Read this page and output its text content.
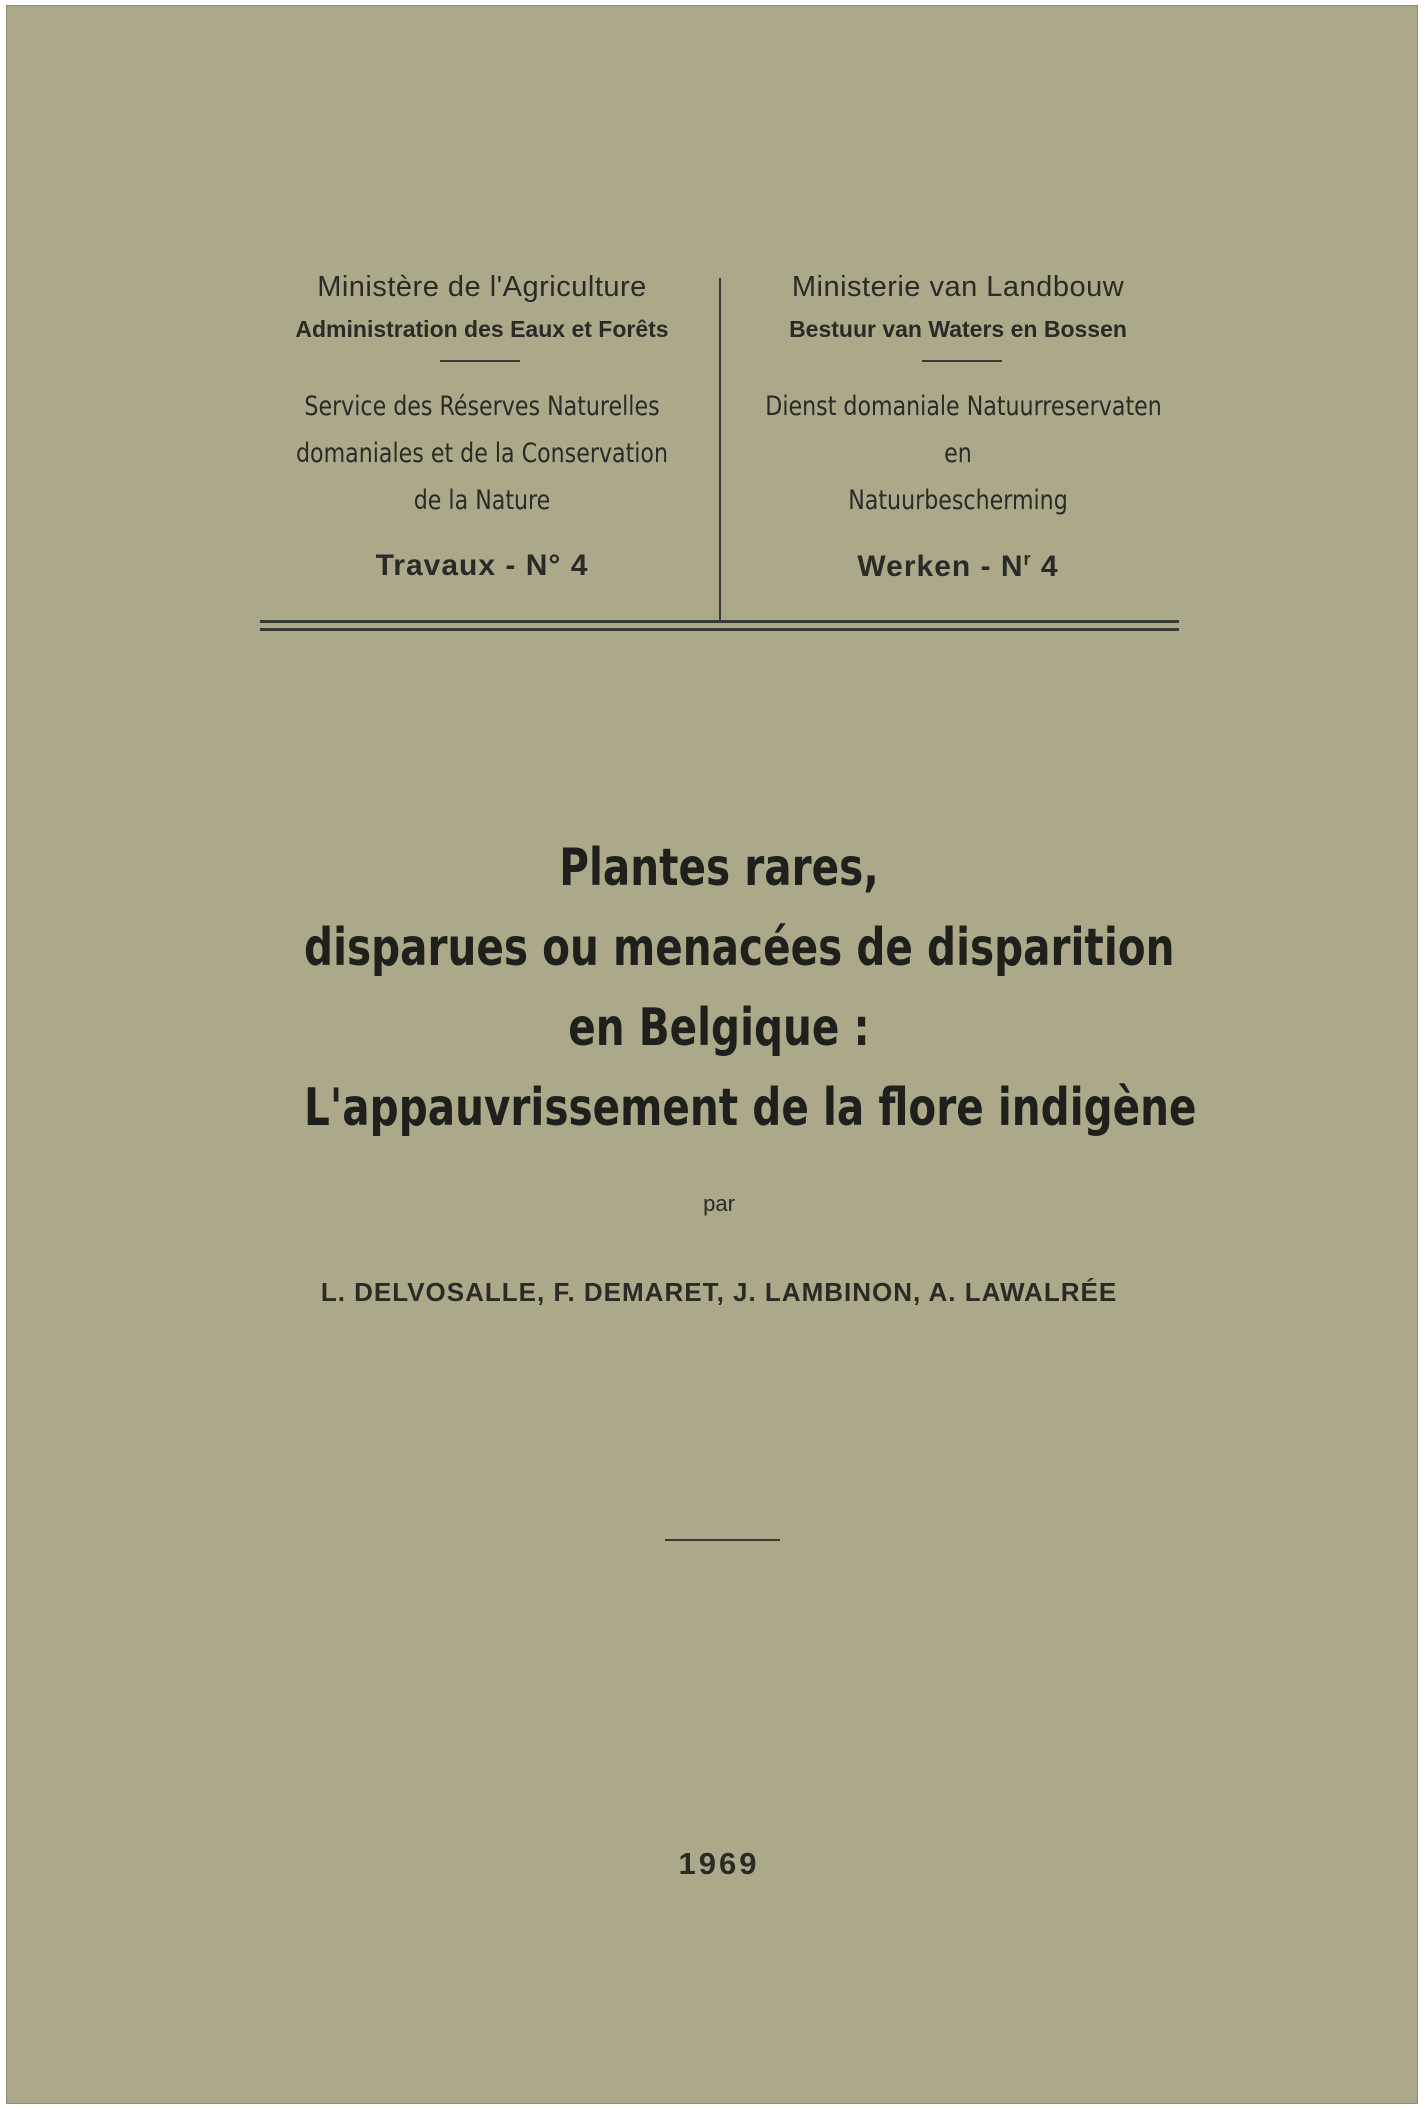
Ministère de l'Agriculture
Administration des Eaux et Forêts
Service des Réserves Naturelles
domaniales et de la Conservation
de la Nature
Travaux - N° 4
Ministerie van Landbouw
Bestuur van Waters en Bossen
Dienst domaniale Natuurreservaten
en
Natuurbescherming
Werken - $N^r$ 4
Plantes rares,
disparues ou menacées de disparition
en Belgique :
L'appauvrissement de la flore indigène
par
L. DELVOSALLE, F. DEMARET, J. LAMBINON, A. LAWALRÉE
1969
